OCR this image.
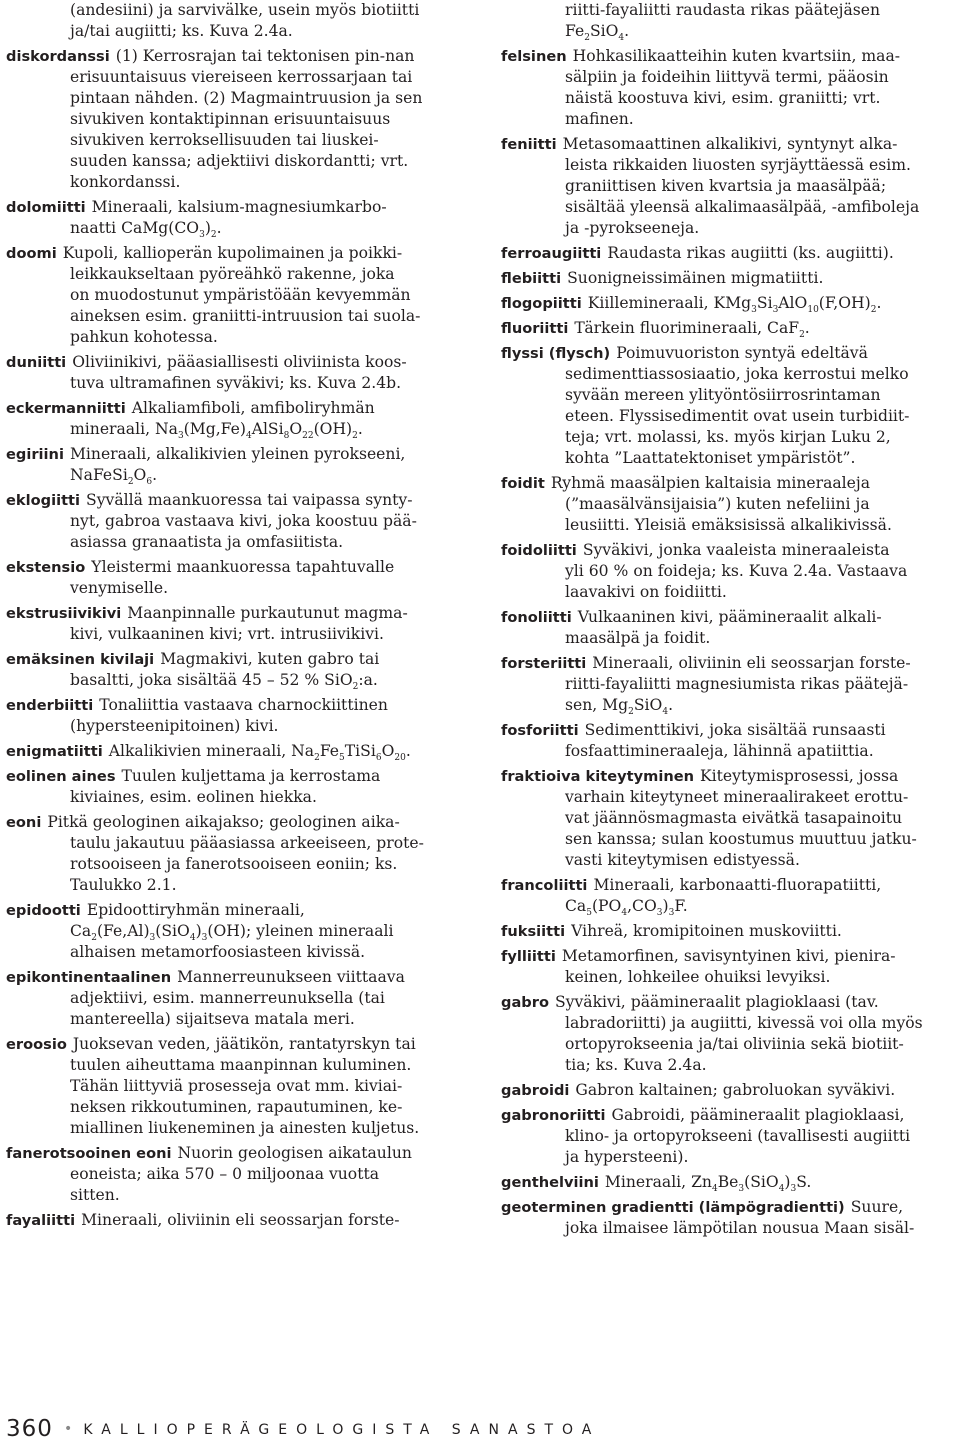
(andesiini) ja sarvivälke, usein myös biotiitti
ja/tai augiitti; ks. Kuva 2.4a.
diskordanssi (1) Kerrosrajan tai tektonisen pin-nan
erisuuntaisuus viereiseen kerrossarjaan tai
pintaan nähden. (2) Magmaintruusion ja sen
sivukiven kontaktipinnan erisuuntaisuus
sivukiven kerroksellisuuden tai liuskei-
suuden kanssa; adjektiivi diskordantti; vrt.
konkordanssi.
dolomiitti Mineraali, kalsium-magnesiumkarbo-
naatti $CaMg(CO_3)_2$.
doomi Kupoli, kallioperän kupolimainen ja poikki-
leikkaukseltaan pyöreähkö rakenne, joka
on muodostunut ympäristöään kevyemmän
aineksen esim. graniitti-intruusion tai suola-
pahkun kohotessa.
duniitti Oliviinikivi, pääasiallisesti oliviinista koos-
tuva ultramafinen syväkivi; ks. Kuva 2.4b.
eckermanniitti Alkaliamfiboli, amfiboliryhmän
mineraali, $Na_3(Mg,Fe)_4AlSi_8O_{22}(OH)_2$.
egiriini Mineraali, alkalikivien yleinen pyrokseeni,
$NaFeSi_2O_6$.
eklogiitti Syvällä maankuoressa tai vaipassa synty-
nyt, gabroa vastaava kivi, joka koostuu pää-
asiassa granaatista ja omfasiitista.
ekstensio Yleistermi maankuoressa tapahtuvalle
venymiselle.
ekstrusiivikivi Maanpinnalle purkautunut magma-
kivi, vulkaaninen kivi; vrt. intrusiivikivi.
emäksinen kivilaji Magmakivi, kuten gabro tai
basaltti, joka sisältää 45 – 52 % SiO$_2$:a.
enderbiitti Tonaliittia vastaava charnockiittinen
(hypersteenipitoinen) kivi.
enigmatiitti Alkalikivien mineraali, $Na_2Fe_5TiSi_6O_{20}$.
eolinen aines Tuulen kuljettama ja kerrostama
kiviaines, esim. eolinen hiekka.
eoni Pitkä geologinen aikajakso; geologinen aika-
taulu jakautuu pääasiassa arkeeiseen, prote-
rotsooiseen ja fanerotsooiseen eoniin; ks.
Taulukko 2.1.
epidootti Epidoottiryhmän mineraali,
$Ca_2(Fe,Al)_3(SiO_4)_3(OH)$; yleinen mineraali
alhaisen metamorfoosiasteen kivissä.
epikontinentaalinen Mannerreunukseen viittaava
adjektiivi, esim. mannerreunuksella (tai
mantereella) sijaitseva matala meri.
eroosio Juoksevan veden, jäätikön, rantatyrskyn tai
tuulen aiheuttama maanpinnan kuluminen.
Tähän liittyviä prosesseja ovat mm. kiviai-
neksen rikkoutuminen, rapautuminen, ke-
miallinen liukeneminen ja ainesten kuljetus.
fanerotsooinen eoni Nuorin geologisen aikataulun
eoneista; aika 570 – 0 miljoonaa vuotta
sitten.
fayaliitti Mineraali, oliviinin eli seossarjan forste-
riitti-fayaliitti raudasta rikas päätejäsen
$Fe_2SiO_4$.
felsinen Hohkasilikaatteihin kuten kvartsiin, maa-
sälpiin ja foideihin liittyvä termi, pääosin
näistä koostuva kivi, esim. graniitti; vrt.
mafinen.
feniitti Metasomaattinen alkalikivi, syntynyt alka-
leista rikkaiden liuosten syrjäyttäessä esim.
graniittisen kiven kvartsia ja maasälpää;
sisältää yleensä alkalimaasälpää, -amfiboleja
ja -pyrokseeneja.
ferroaugiitti Raudasta rikas augiitti (ks. augiitti).
flebiitti Suonigneissimäinen migmatiitti.
flogopiitti Kiillemineraali, $KMg_3Si_3AlO_{10}(F,OH)_2$.
fluoriitti Tärkein fluorimineraali, CaF$_2$.
flyssi (flysch) Poimuvuoriston syntyä edeltävä
sedimenttiassosiaatio, joka kerrostui melko
syvään mereen ylityöntösiirrosrintaman
eteen. Flyssisedimentit ovat usein turbidiit-
teja; vrt. molassi, ks. myös kirjan Luku 2,
kohta ”Laattatektoniset ympäristöt”.
foidit Ryhmä maasälpien kaltaisia mineraaleja
(”maasälvänsijaisia”) kuten nefeliini ja
leusiitti. Yleisiä emäksisissä alkalikivissä.
foidoliitti Syväkivi, jonka vaaleista mineraaleista
yli 60 % on foideja; ks. Kuva 2.4a. Vastaava
laavakivi on foidiitti.
fonoliitti Vulkaaninen kivi, päämineraalit alkali-
maasälpä ja foidit.
forsteriitti Mineraali, oliviinin eli seossarjan forste-
riitti-fayaliitti magnesiumista rikas päätejä-
sen, $Mg_2SiO_4$.
fosforiitti Sedimenttikivi, joka sisältää runsaasti
fosfaattimineraaleja, lähinnä apatiittia.
fraktioiva kiteytyminen Kiteytymisprosessi, jossa
varhain kiteytyneet mineraalirakeet erottu-
vat jäännösmagmasta eivätkä tasapainoitu
sen kanssa; sulan koostumus muuttuu jatku-
vasti kiteytymisen edistyessä.
francoliitti Mineraali, karbonaatti-fluorapatiitti,
$Ca_5(PO_4,CO_3)_3F$.
fuksiitti Vihreä, kromipitoinen muskoviitti.
fylliitti Metamorfinen, savisyntyinen kivi, pienira-
keinen, lohkeilee ohuiksi levyiksi.
gabro Syväkivi, päämineraalit plagioklaasi (tav.
labradoriitti) ja augiitti, kivessä voi olla myös
ortopyrokseenia ja/tai oliviinia sekä biotiit-
tia; ks. Kuva 2.4a.
gabroidi Gabron kaltainen; gabroluokan syväkivi.
gabronoriitti Gabroidi, päämineraalit plagioklaasi,
klino- ja ortopyrokseeni (tavallisesti augiitti
ja hypersteeni).
genthelviini Mineraali, $Zn_4Be_3(SiO_4)_3S$.
geoterminen gradientti (lämpögradientti) Suure,
joka ilmaisee lämpötilan nousua Maan sisäl-
360 • KALLIOPERÄGEOLOGISTA SANASTOA
